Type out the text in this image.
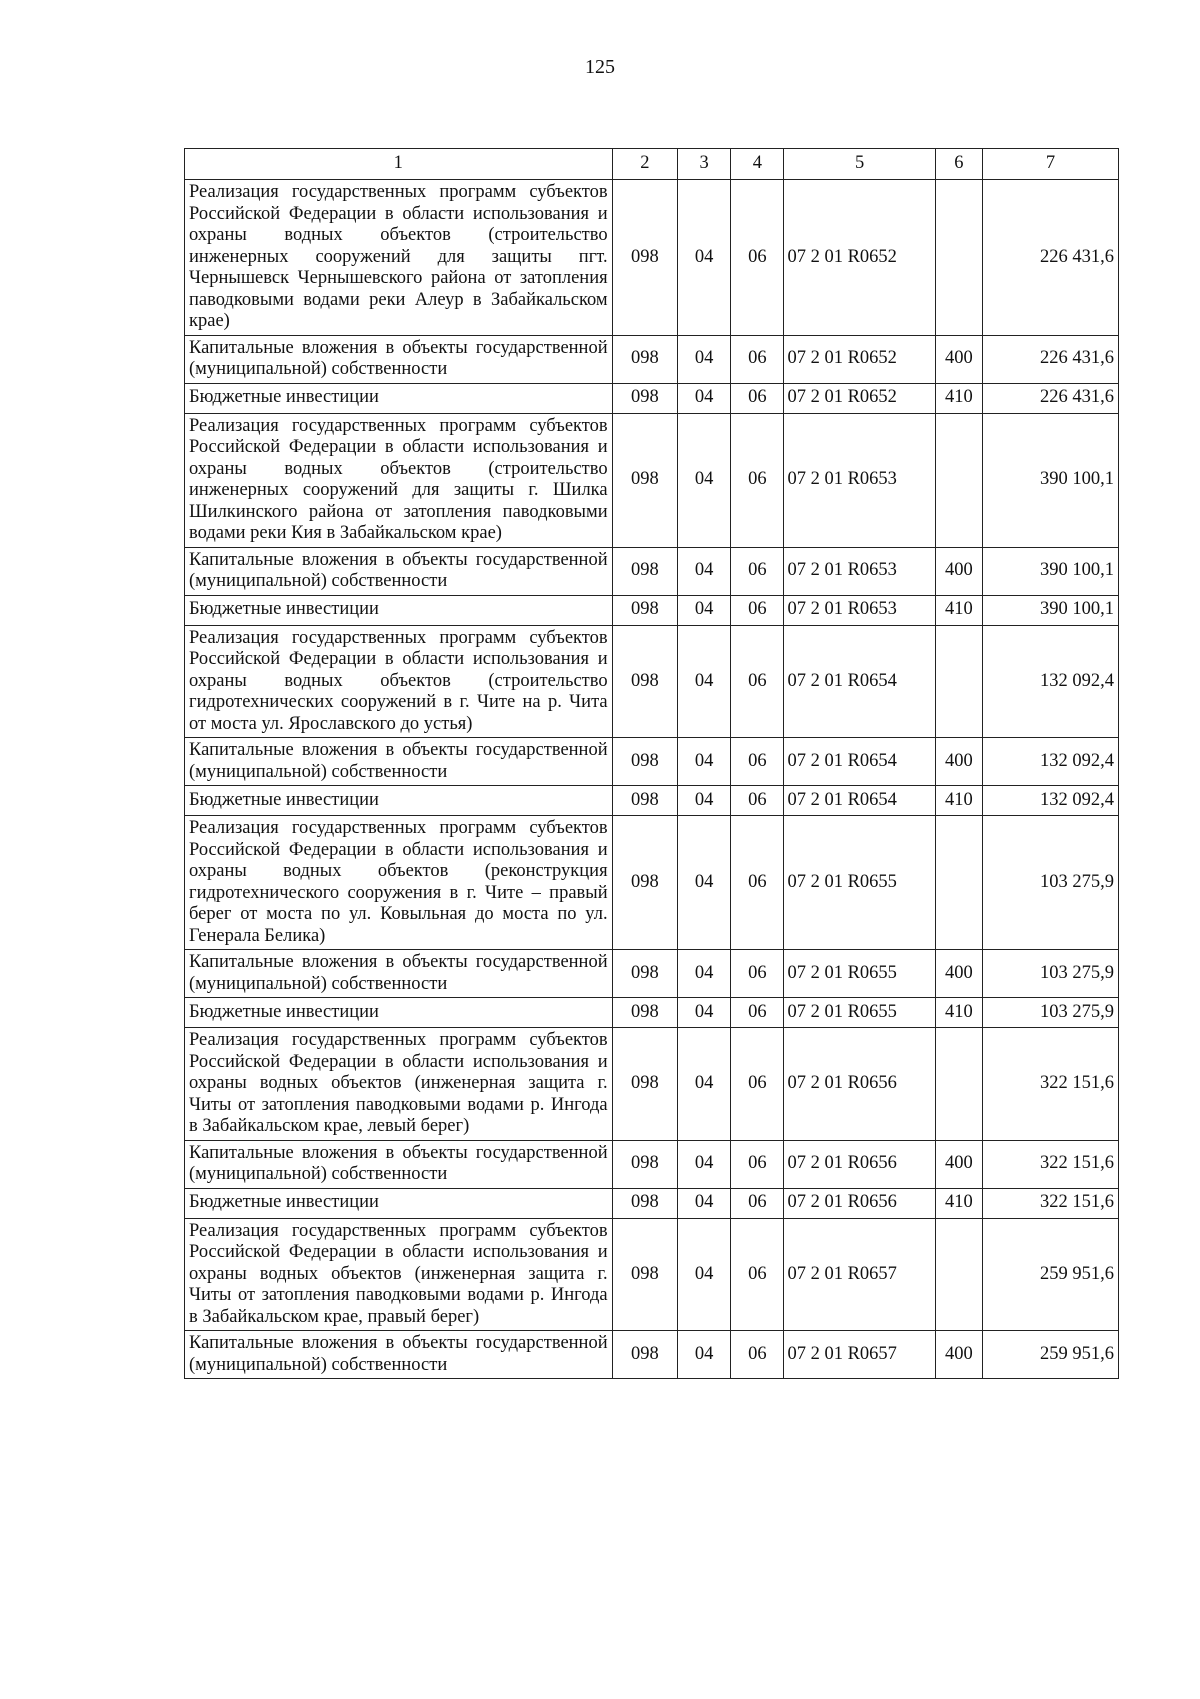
125
1	2	3	4	5	6	7
Реализация государственных программ субъектов Российской Федерации в области использования и охраны водных объектов (строительство инженерных сооружений для защиты пгт. Чернышевск Чернышевского района от затопления паводковыми водами реки Алеур в Забайкальском крае)	098	04	06	07 2 01 R0652		226 431,6
Капитальные вложения в объекты государственной (муниципальной) собственности	098	04	06	07 2 01 R0652	400	226 431,6
Бюджетные инвестиции	098	04	06	07 2 01 R0652	410	226 431,6
Реализация государственных программ субъектов Российской Федерации в области использования и охраны водных объектов (строительство инженерных сооружений для защиты г. Шилка Шилкинского района от затопления паводковыми водами реки Кия в Забайкальском крае)	098	04	06	07 2 01 R0653		390 100,1
Капитальные вложения в объекты государственной (муниципальной) собственности	098	04	06	07 2 01 R0653	400	390 100,1
Бюджетные инвестиции	098	04	06	07 2 01 R0653	410	390 100,1
Реализация государственных программ субъектов Российской Федерации в области использования и охраны водных объектов (строительство гидротехнических сооружений в г. Чите на р. Чита от моста ул. Ярославского до устья)	098	04	06	07 2 01 R0654		132 092,4
Капитальные вложения в объекты государственной (муниципальной) собственности	098	04	06	07 2 01 R0654	400	132 092,4
Бюджетные инвестиции	098	04	06	07 2 01 R0654	410	132 092,4
Реализация государственных программ субъектов Российской Федерации в области использования и охраны водных объектов (реконструкция гидротехнического сооружения в г. Чите – правый берег от моста по ул. Ковыльная до моста по ул. Генерала Белика)	098	04	06	07 2 01 R0655		103 275,9
Капитальные вложения в объекты государственной (муниципальной) собственности	098	04	06	07 2 01 R0655	400	103 275,9
Бюджетные инвестиции	098	04	06	07 2 01 R0655	410	103 275,9
Реализация государственных программ субъектов Российской Федерации в области использования и охраны водных объектов (инженерная защита г. Читы от затопления паводковыми водами р. Ингода в Забайкальском крае, левый берег)	098	04	06	07 2 01 R0656		322 151,6
Капитальные вложения в объекты государственной (муниципальной) собственности	098	04	06	07 2 01 R0656	400	322 151,6
Бюджетные инвестиции	098	04	06	07 2 01 R0656	410	322 151,6
Реализация государственных программ субъектов Российской Федерации в области использования и охраны водных объектов (инженерная защита г. Читы от затопления паводковыми водами р. Ингода в Забайкальском крае, правый берег)	098	04	06	07 2 01 R0657		259 951,6
Капитальные вложения в объекты государственной (муниципальной) собственности	098	04	06	07 2 01 R0657	400	259 951,6
